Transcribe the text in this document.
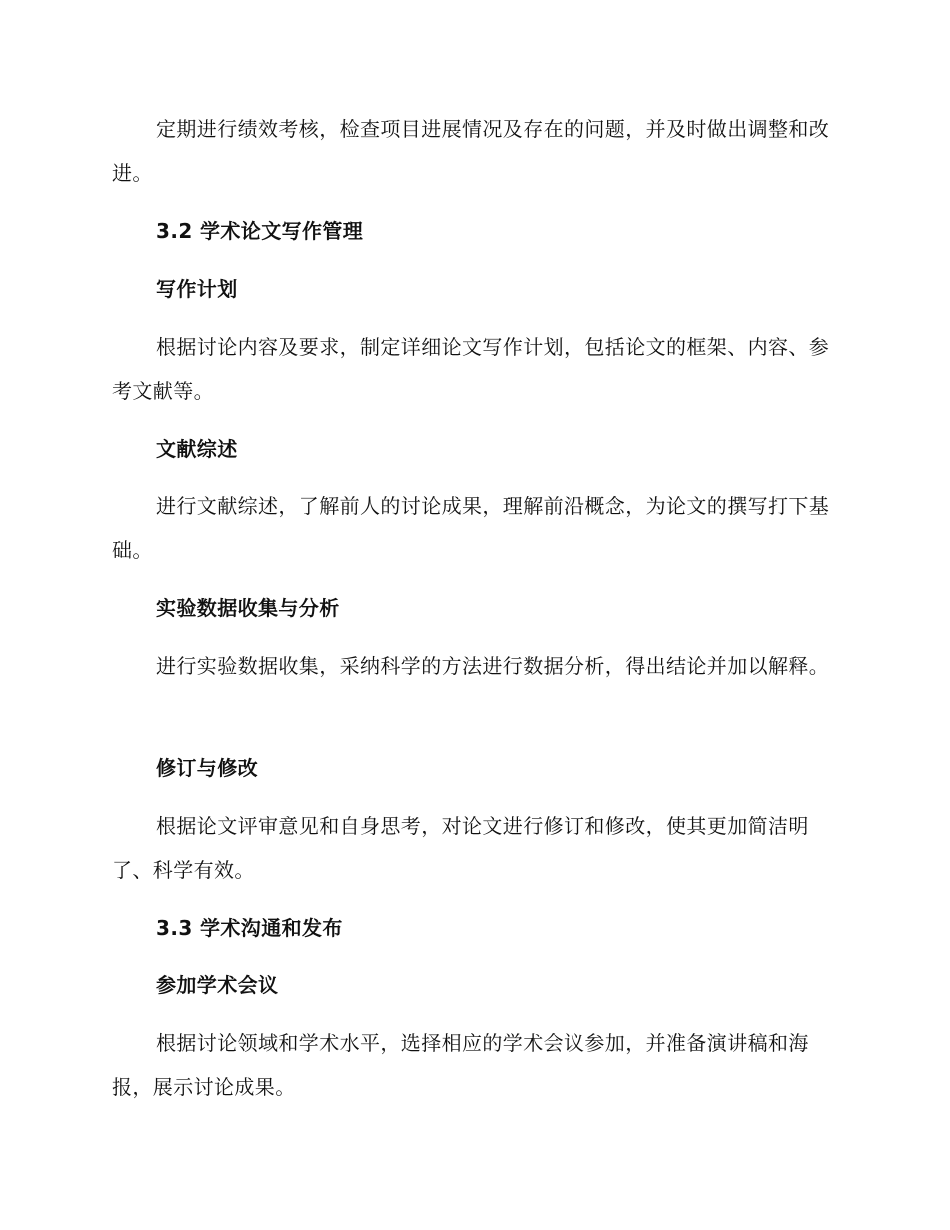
定期进行绩效考核，检查项目进展情况及存在的问题，并及时做出调整和改进。

3.2 学术论文写作管理

写作计划

根据讨论内容及要求，制定详细论文写作计划，包括论文的框架、内容、参考文献等。

文献综述

进行文献综述，了解前人的讨论成果，理解前沿概念，为论文的撰写打下基础。

实验数据收集与分析

进行实验数据收集，采纳科学的方法进行数据分析，得出结论并加以解释。

修订与修改

根据论文评审意见和自身思考，对论文进行修订和修改，使其更加简洁明了、科学有效。

3.3 学术沟通和发布

参加学术会议

根据讨论领域和学术水平，选择相应的学术会议参加，并准备演讲稿和海报，展示讨论成果。
